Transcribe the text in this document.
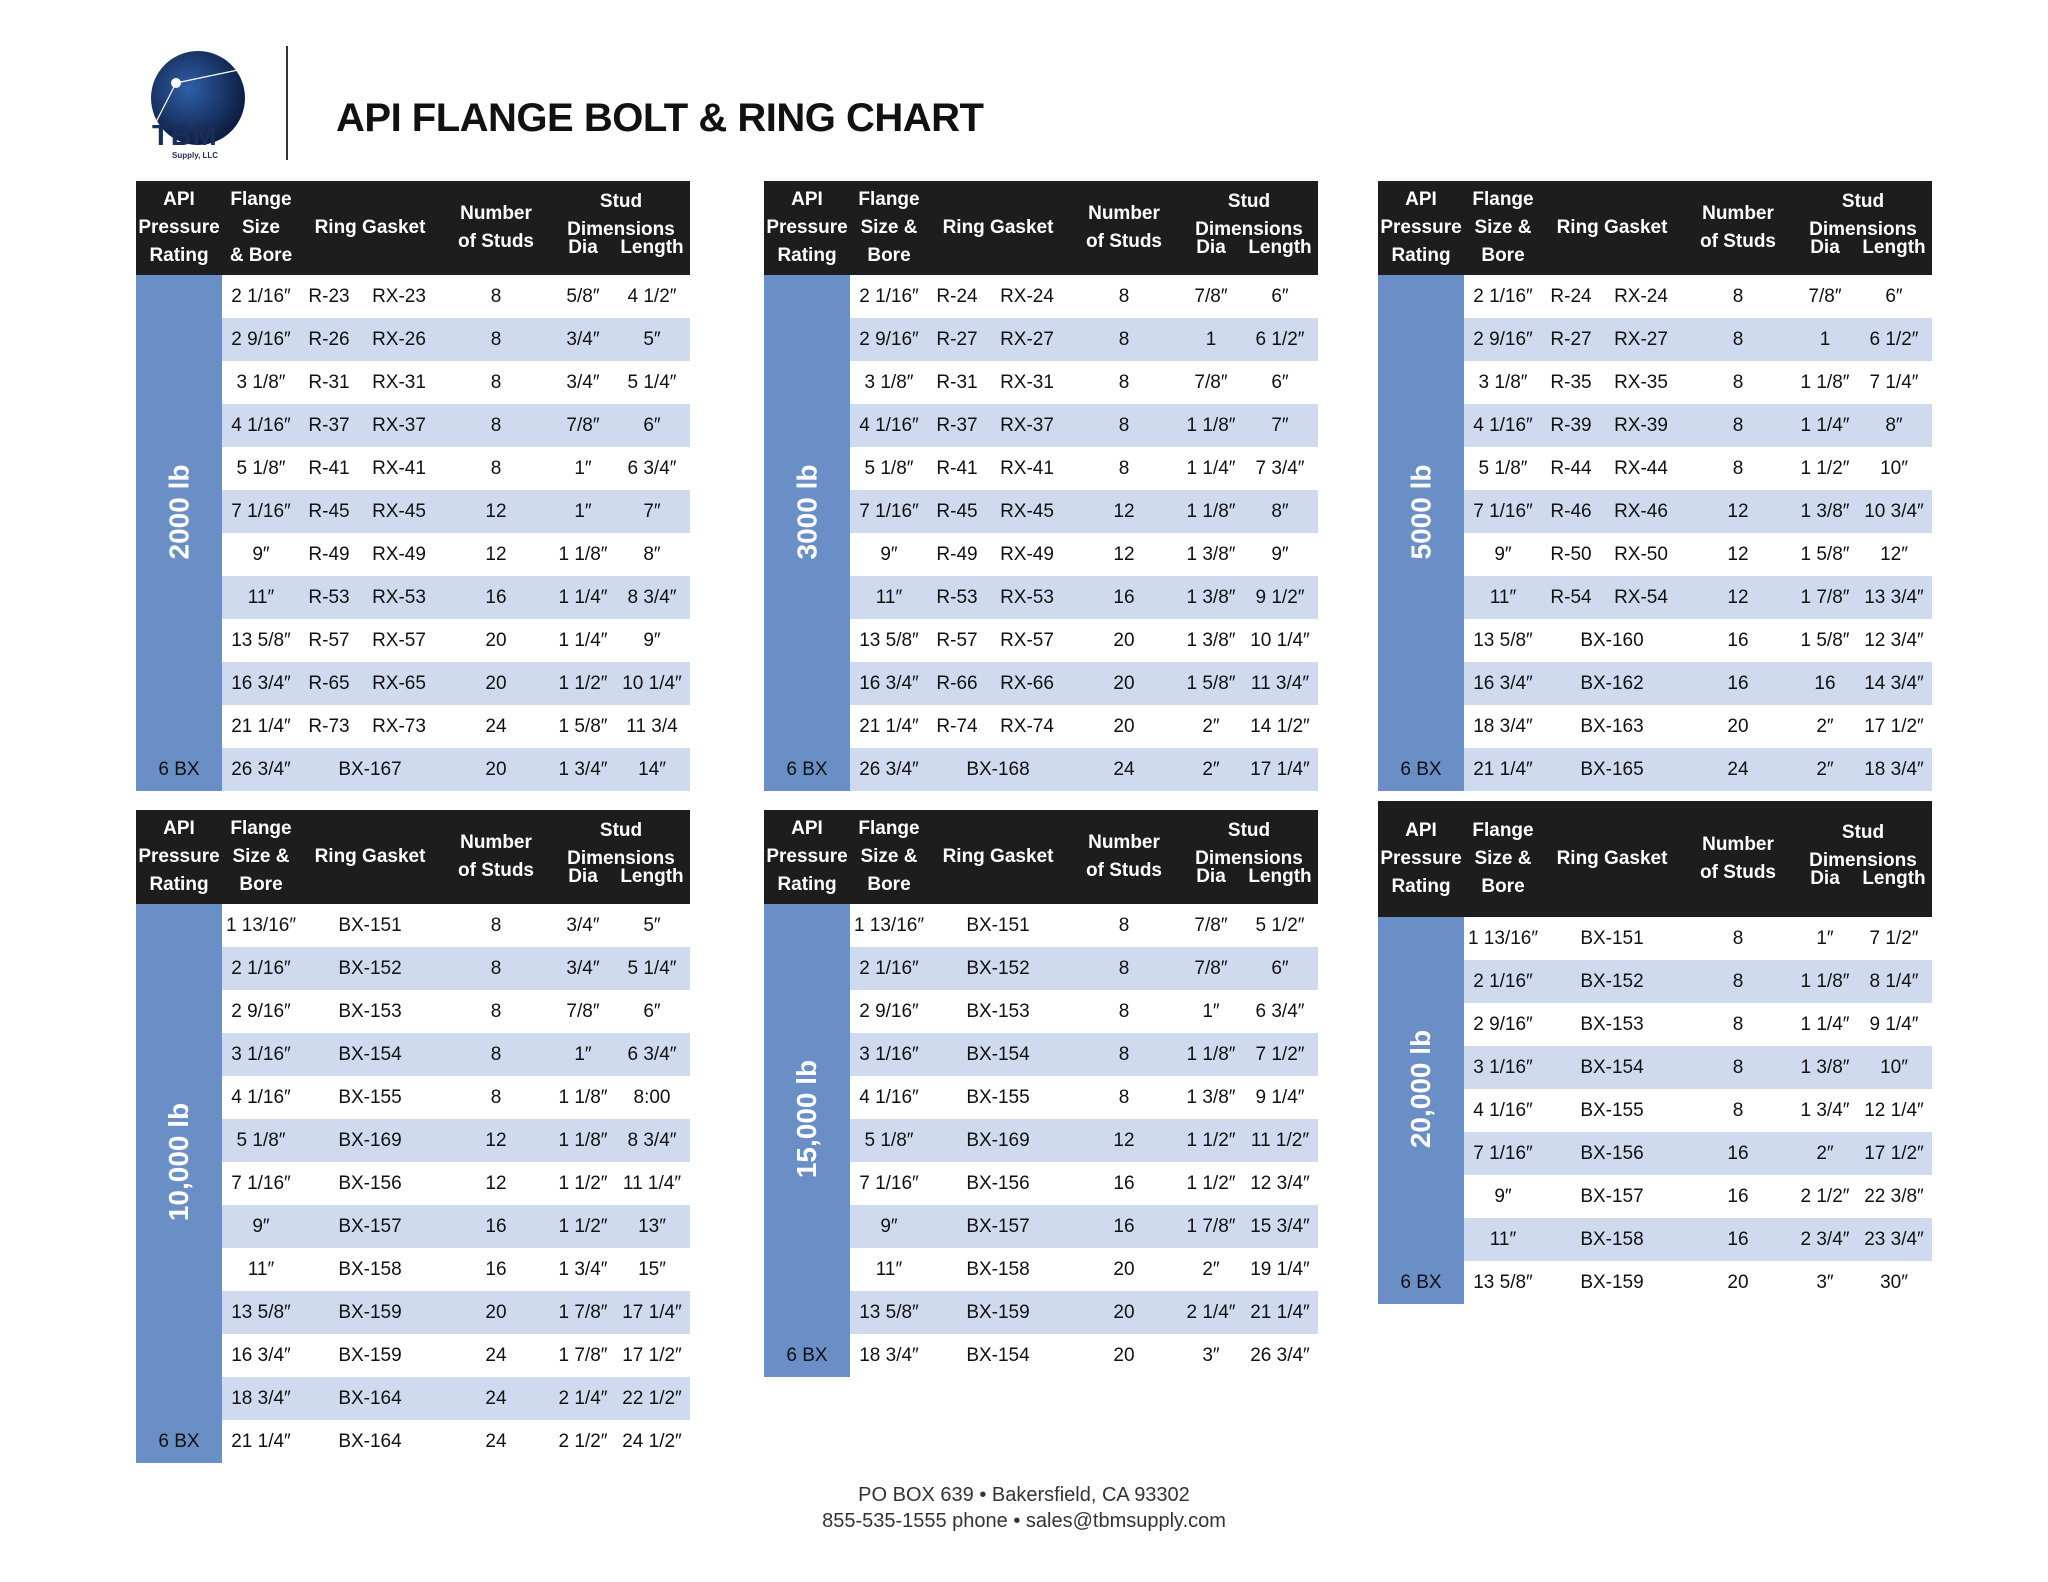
TBM
Supply, LLC
API FLANGE BOLT & RING CHART
API
Pressure
Rating
Flange
Size
& Bore
Ring Gasket
Number
of Studs
Stud Dimensions
Dia	Length
2000 lb
6 BX
2 1/16″ R-23	RX-23	8	5/8″	4 1/2″
2 9/16″ R-26	RX-26	8	3/4″	5″
3 1/8″	R-31	RX-31	8	3/4″	5 1/4″
4 1/16″ R-37	RX-37	8	7/8″	6″
5 1/8″	R-41	RX-41	8	1″	6 3/4″
7 1/16″ R-45	RX-45	12	1″	7″
9″	R-49	RX-49	12	1 1/8″	8″
11″	R-53	RX-53	16	1 1/4″	8 3/4″
13 5/8″ R-57	RX-57	20	1 1/4″	9″
16 3/4″ R-65	RX-65	20	1 1/2″ 10 1/4″
21 1/4″ R-73	RX-73	24	1 5/8″ 11 3/4
26 3/4″	BX-167	20	1 3/4″	14″
API
Pressure
Rating
Flange
Size &
Bore
Ring Gasket
Number
of Studs
Stud Dimensions
Dia	Length
3000 lb
6 BX
2 1/16″ R-24	RX-24	8	7/8″	6″
2 9/16″ R-27	RX-27	8	1	6 1/2″
3 1/8″	R-31	RX-31	8	7/8″	6″
4 1/16″ R-37	RX-37	8	1 1/8″	7″
5 1/8″	R-41	RX-41	8	1 1/4″	7 3/4″
7 1/16″ R-45	RX-45	12	1 1/8″	8″
9″	R-49	RX-49	12	1 3/8″	9″
11″	R-53	RX-53	16	1 3/8″	9 1/2″
13 5/8″ R-57	RX-57	20	1 3/8″ 10 1/4″
16 3/4″ R-66	RX-66	20	1 5/8″ 11 3/4″
21 1/4″ R-74	RX-74	20	2″	14 1/2″
26 3/4″	BX-168	24	2″	17 1/4″
API
Pressure
Rating
Flange
Size &
Bore
Ring Gasket
Number
of Studs
Stud Dimensions
Dia	Length
5000 lb
6 BX
2 1/16″ R-24	RX-24	8	7/8″	6″
2 9/16″ R-27	RX-27	8	1	6 1/2″
3 1/8″	R-35	RX-35	8	1 1/8″	7 1/4″
4 1/16″ R-39	RX-39	8	1 1/4″	8″
5 1/8″	R-44	RX-44	8	1 1/2″	10″
7 1/16″ R-46	RX-46	12	1 3/8″ 10 3/4″
9″	R-50	RX-50	12	1 5/8″	12″
11″	R-54	RX-54	12	1 7/8″ 13 3/4″
13 5/8″	BX-160	16	1 5/8″ 12 3/4″
16 3/4″	BX-162	16	16	14 3/4″
18 3/4″	BX-163	20	2″	17 1/2″
21 1/4″	BX-165	24	2″	18 3/4″
API
Pressure
Rating
Flange
Size &
Bore
Ring Gasket
Number
of Studs
Stud Dimensions
Dia	Length
10,000 lb
6 BX
1 13/16″	BX-151	8	3/4″	5″
2 1/16″	BX-152	8	3/4″	5 1/4″
2 9/16″	BX-153	8	7/8″	6″
3 1/16″	BX-154	8	1″	6 3/4″
4 1/16″	BX-155	8	1 1/8″	8:00
5 1/8″	BX-169	12	1 1/8″	8 3/4″
7 1/16″	BX-156	12	1 1/2″ 11 1/4″
9″	BX-157	16	1 1/2″	13″
11″	BX-158	16	1 3/4″	15″
13 5/8″	BX-159	20	1 7/8″ 17 1/4″
16 3/4″	BX-159	24	1 7/8″ 17 1/2″
18 3/4″	BX-164	24	2 1/4″ 22 1/2″
21 1/4″	BX-164	24	2 1/2″ 24 1/2″
API
Pressure
Rating
Flange
Size &
Bore
Ring Gasket
Number
of Studs
Stud Dimensions
Dia	Length
15,000 lb
6 BX
1 13/16″	BX-151	8	7/8″	5 1/2″
2 1/16″	BX-152	8	7/8″	6″
2 9/16″	BX-153	8	1″	6 3/4″
3 1/16″	BX-154	8	1 1/8″	7 1/2″
4 1/16″	BX-155	8	1 3/8″	9 1/4″
5 1/8″	BX-169	12	1 1/2″ 11 1/2″
7 1/16″	BX-156	16	1 1/2″ 12 3/4″
9″	BX-157	16	1 7/8″ 15 3/4″
11″	BX-158	20	2″	19 1/4″
13 5/8″	BX-159	20	2 1/4″ 21 1/4″
18 3/4″	BX-154	20	3″	26 3/4″
API
Pressure
Rating
Flange
Size &
Bore
Ring Gasket
Number
of Studs
Stud Dimensions
Dia	Length
20,000 lb
6 BX
1 13/16″	BX-151	8	1″	7 1/2″
2 1/16″	BX-152	8	1 1/8″	8 1/4″
2 9/16″	BX-153	8	1 1/4″	9 1/4″
3 1/16″	BX-154	8	1 3/8″	10″
4 1/16″	BX-155	8	1 3/4″ 12 1/4″
7 1/16″	BX-156	16	2″	17 1/2″
9″	BX-157	16	2 1/2″ 22 3/8″
11″	BX-158	16	2 3/4″ 23 3/4″
13 5/8″	BX-159	20	3″	30″
PO BOX 639 • Bakersfield, CA 93302
855-535-1555 phone • sales@tbmsupply.com
